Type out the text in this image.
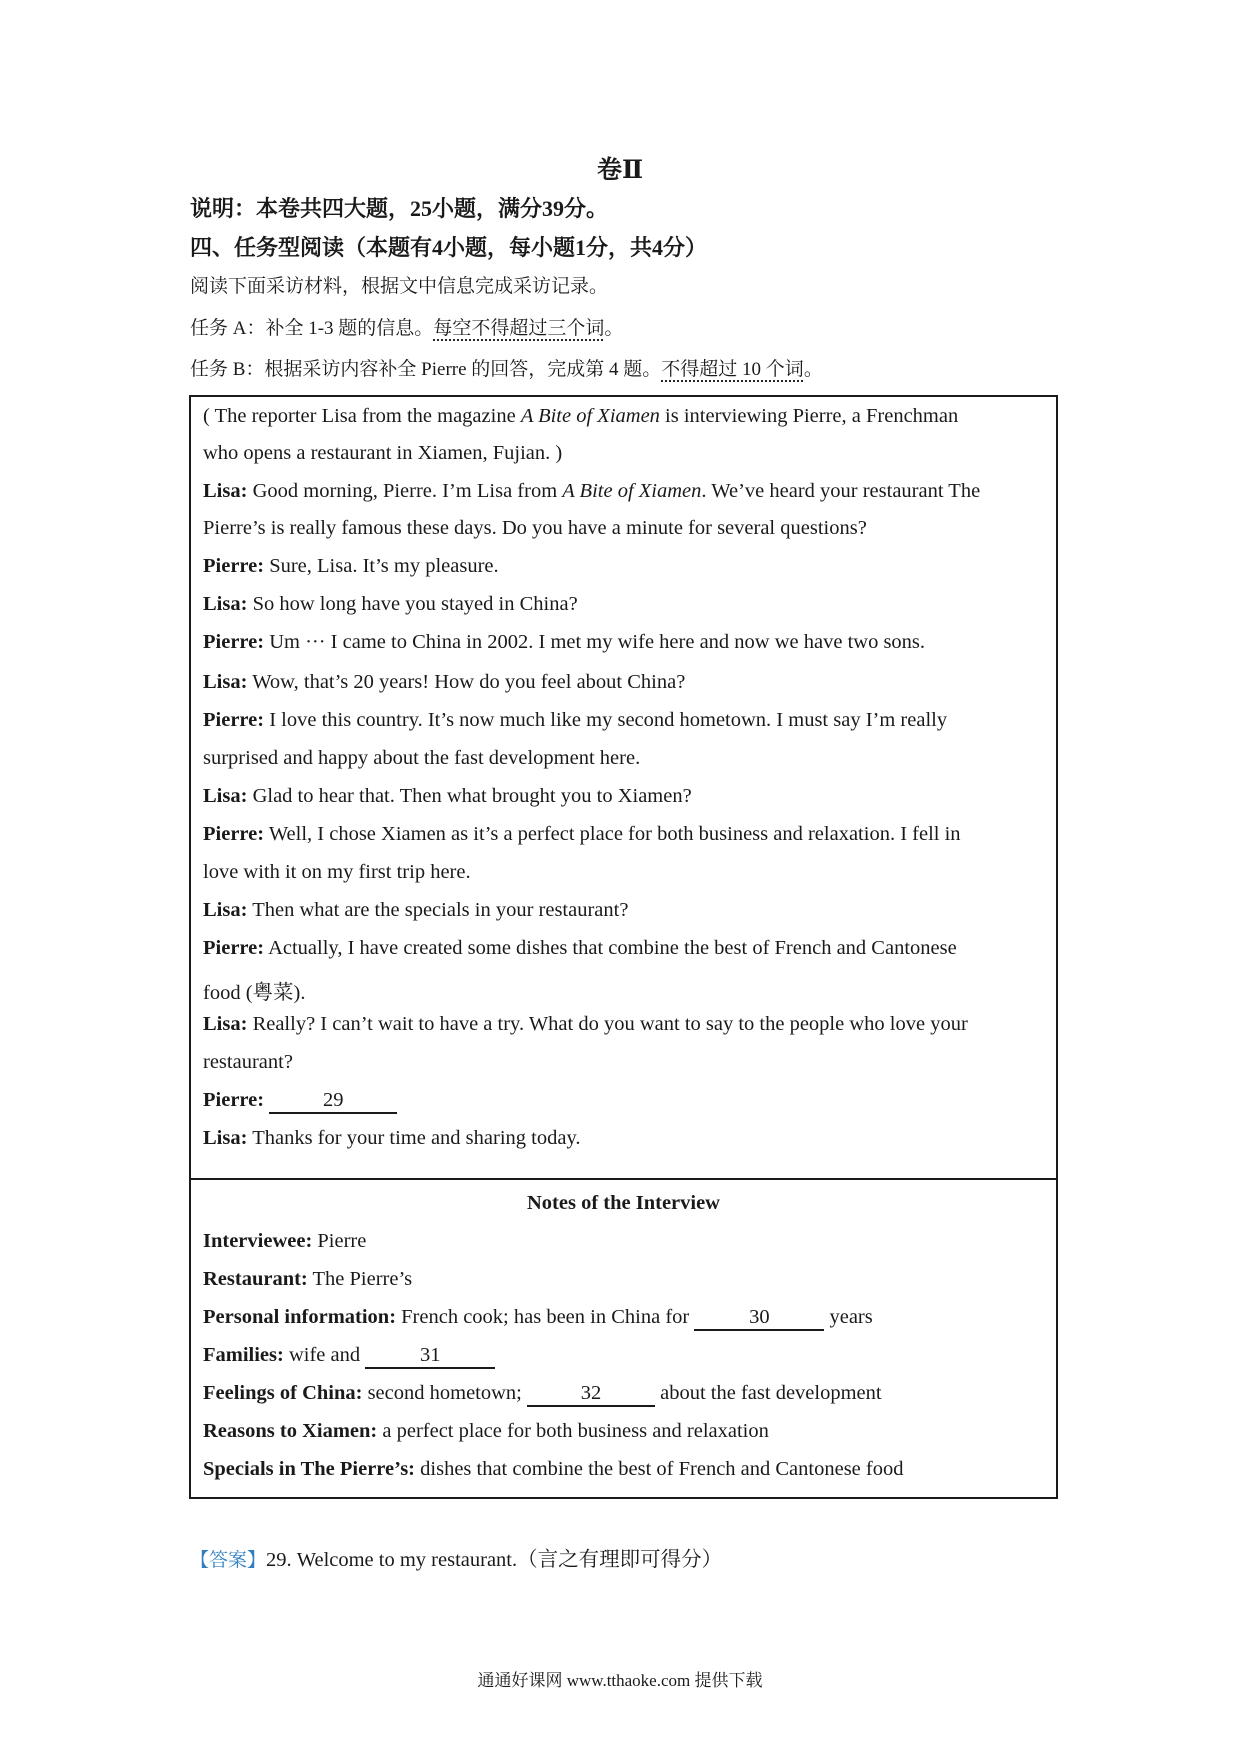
卷Ⅱ
说明：本卷共四大题，25小题，满分39分。
四、任务型阅读（本题有4小题，每小题1分，共4分）
阅读下面采访材料，根据文中信息完成采访记录。
任务 A：补全 1-3 题的信息。每空不得超过三个词。
任务 B：根据采访内容补全 Pierre 的回答，完成第 4 题。不得超过 10 个词。
( The reporter Lisa from the magazine A Bite of Xiamen is interviewing Pierre, a Frenchman
who opens a restaurant in Xiamen, Fujian. )
Lisa: Good morning, Pierre. I’m Lisa from A Bite of Xiamen. We’ve heard your restaurant The
Pierre’s is really famous these days. Do you have a minute for several questions?
Pierre: Sure, Lisa. It’s my pleasure.
Lisa: So how long have you stayed in China?
Pierre: Um ··· I came to China in 2002. I met my wife here and now we have two sons.
Lisa: Wow, that’s 20 years! How do you feel about China?
Pierre: I love this country. It’s now much like my second hometown. I must say I’m really
surprised and happy about the fast development here.
Lisa: Glad to hear that. Then what brought you to Xiamen?
Pierre: Well, I chose Xiamen as it’s a perfect place for both business and relaxation. I fell in
love with it on my first trip here.
Lisa: Then what are the specials in your restaurant?
Pierre: Actually, I have created some dishes that combine the best of French and Cantonese
food (粤菜).
Lisa: Really? I can’t wait to have a try. What do you want to say to the people who love your
restaurant?
Pierre:	29
Lisa: Thanks for your time and sharing today.
Notes of the Interview
Interviewee: Pierre
Restaurant: The Pierre’s
Personal information: French cook; has been in China for	30	years
Families: wife and	31
Feelings of China: second hometown;	32	about the fast development
Reasons to Xiamen: a perfect place for both business and relaxation
Specials in The Pierre’s: dishes that combine the best of French and Cantonese food
【答案】29. Welcome to my restaurant.（言之有理即可得分）
通通好课网 www.tthaoke.com 提供下载
